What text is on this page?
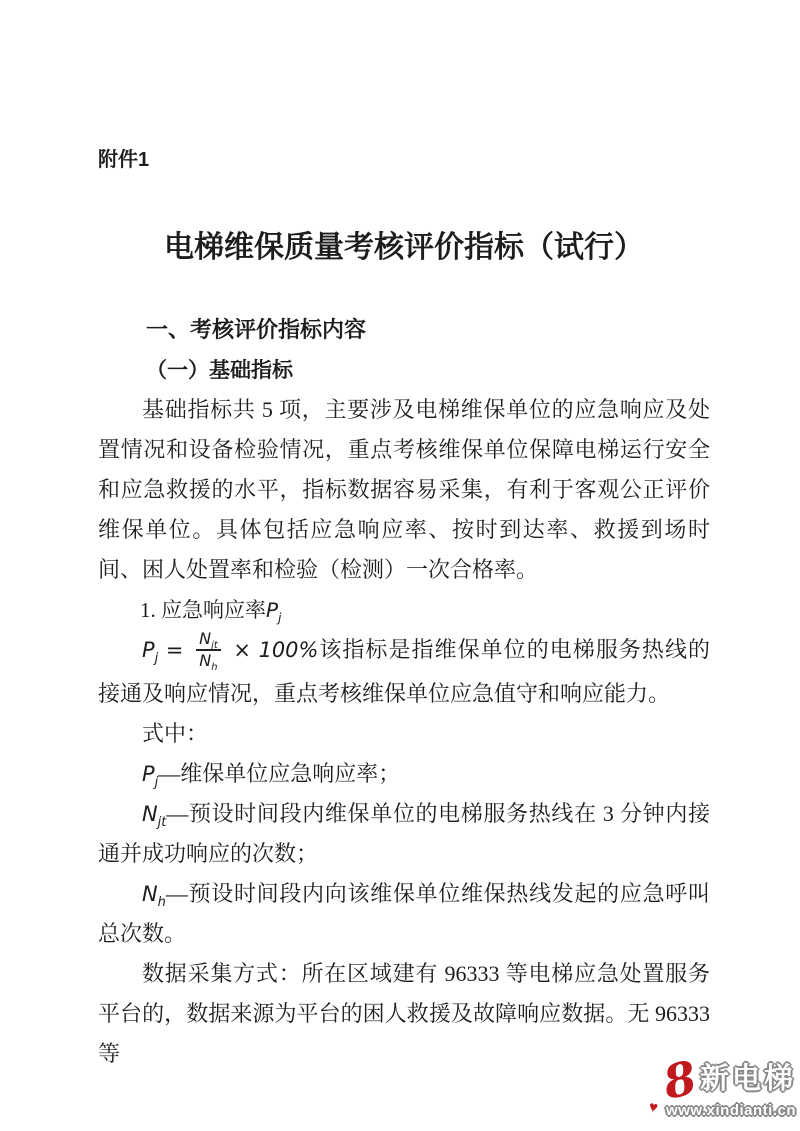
附件1
电梯维保质量考核评价指标（试行）
一、考核评价指标内容
（一）基础指标

基础指标共 5 项，主要涉及电梯维保单位的应急响应及处置情况和设备检验情况，重点考核维保单位保障电梯运行安全和应急救援的水平，指标数据容易采集，有利于客观公正评价维保单位。具体包括应急响应率、按时到达率、救援到场时间、困人处置率和检验（检测）一次合格率。

1. 应急响应率$P_j$

$P_j = \frac{N_{jt}}{N_h} \times 100\%$该指标是指维保单位的电梯服务热线的接通及响应情况，重点考核维保单位应急值守和响应能力。

式中：

$P_j—$维保单位应急响应率；

$N_{jt}—$预设时间段内维保单位的电梯服务热线在 3 分钟内接通并成功响应的次数；

$N_h—$预设时间段内向该维保单位维保热线发起的应急呼叫总次数。

数据采集方式：所在区域建有 96333 等电梯应急处置服务平台的，数据来源为平台的困人救援及故障响应数据。无 96333 等	8
♥
新电梯
www.xindianti.cn
